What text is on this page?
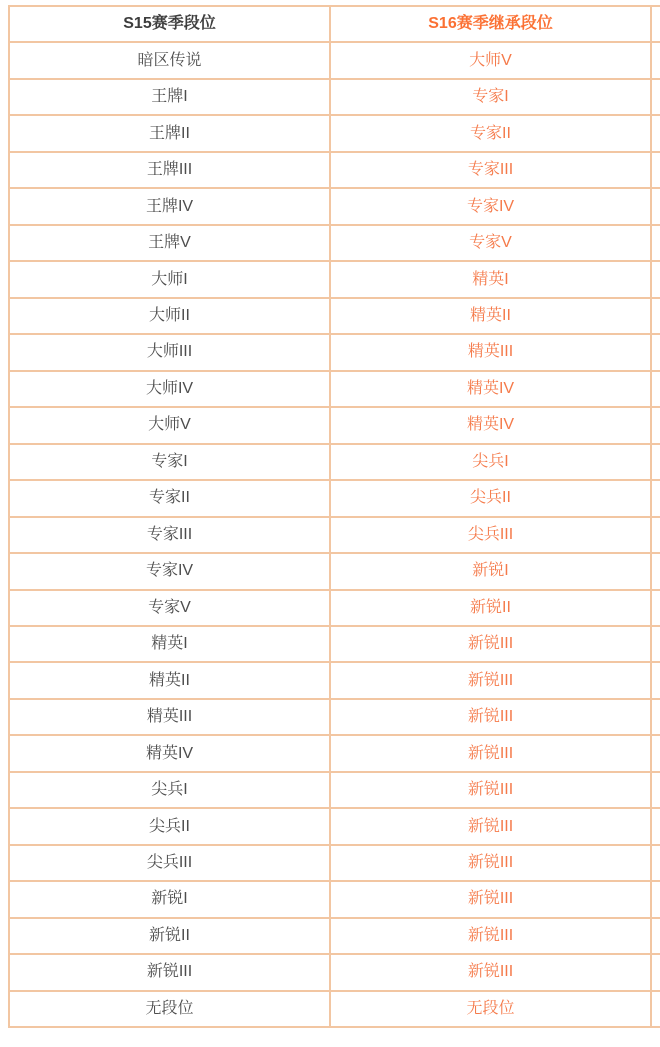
S15赛季段位	S16赛季继承段位
暗区传说	大师V
王牌I	专家I
王牌II	专家II
王牌III	专家III
王牌IV	专家IV
王牌V	专家V
大师I	精英I
大师II	精英II
大师III	精英III
大师IV	精英IV
大师V	精英IV
专家I	尖兵I
专家II	尖兵II
专家III	尖兵III
专家IV	新锐I
专家V	新锐II
精英I	新锐III
精英II	新锐III
精英III	新锐III
精英IV	新锐III
尖兵I	新锐III
尖兵II	新锐III
尖兵III	新锐III
新锐I	新锐III
新锐II	新锐III
新锐III	新锐III
无段位	无段位
